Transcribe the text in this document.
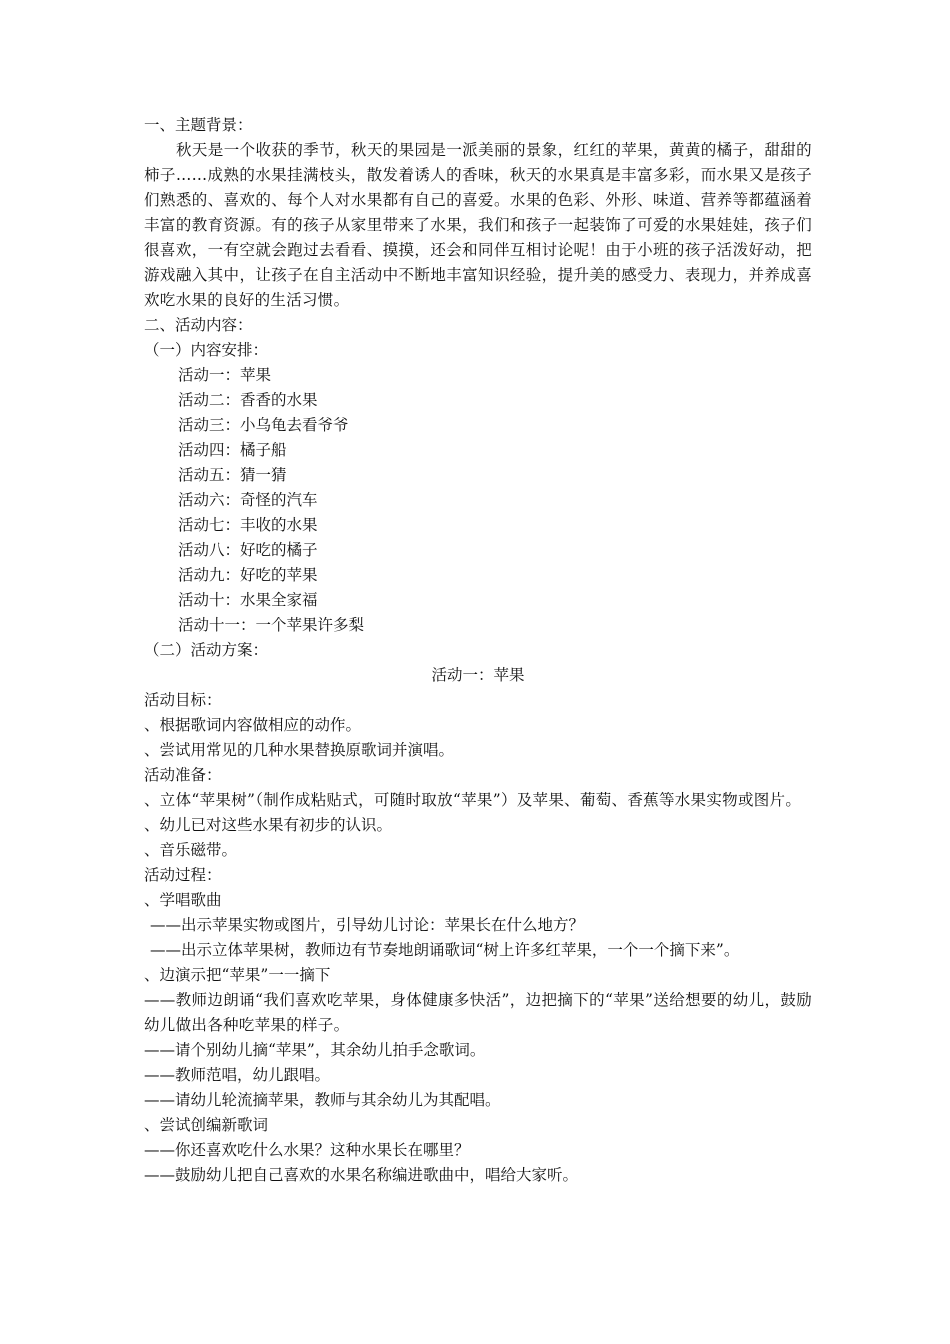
一、主题背景：
秋天是一个收获的季节，秋天的果园是一派美丽的景象，红红的苹果，黄黄的橘子，甜甜的柿子……成熟的水果挂满枝头，散发着诱人的香味，秋天的水果真是丰富多彩，而水果又是孩子们熟悉的、喜欢的、每个人对水果都有自己的喜爱。水果的色彩、外形、味道、营养等都蕴涵着丰富的教育资源。有的孩子从家里带来了水果，我们和孩子一起装饰了可爱的水果娃娃，孩子们很喜欢，一有空就会跑过去看看、摸摸，还会和同伴互相讨论呢！由于小班的孩子活泼好动，把游戏融入其中，让孩子在自主活动中不断地丰富知识经验，提升美的感受力、表现力，并养成喜欢吃水果的良好的生活习惯。
二、活动内容：
（一）内容安排：
活动一：苹果
活动二：香香的水果
活动三：小乌龟去看爷爷
活动四：橘子船
活动五：猜一猜
活动六：奇怪的汽车
活动七：丰收的水果
活动八：好吃的橘子
活动九：好吃的苹果
活动十：水果全家福
活动十一：一个苹果许多梨
（二）活动方案：
活动一：苹果
活动目标：
、根据歌词内容做相应的动作。
、尝试用常见的几种水果替换原歌词并演唱。
活动准备：
、立体“苹果树”（制作成粘贴式，可随时取放“苹果”）及苹果、葡萄、香蕉等水果实物或图片。
、幼儿已对这些水果有初步的认识。
、音乐磁带。
活动过程：
、学唱歌曲
——出示苹果实物或图片，引导幼儿讨论：苹果长在什么地方？
——出示立体苹果树，教师边有节奏地朗诵歌词“树上许多红苹果，一个一个摘下来”。
、边演示把“苹果”一一摘下
——教师边朗诵“我们喜欢吃苹果，身体健康多快活”，边把摘下的“苹果”送给想要的幼儿，鼓励幼儿做出各种吃苹果的样子。
——请个别幼儿摘“苹果”，其余幼儿拍手念歌词。
——教师范唱，幼儿跟唱。
——请幼儿轮流摘苹果，教师与其余幼儿为其配唱。
、尝试创编新歌词
——你还喜欢吃什么水果？这种水果长在哪里？
——鼓励幼儿把自己喜欢的水果名称编进歌曲中，唱给大家听。
